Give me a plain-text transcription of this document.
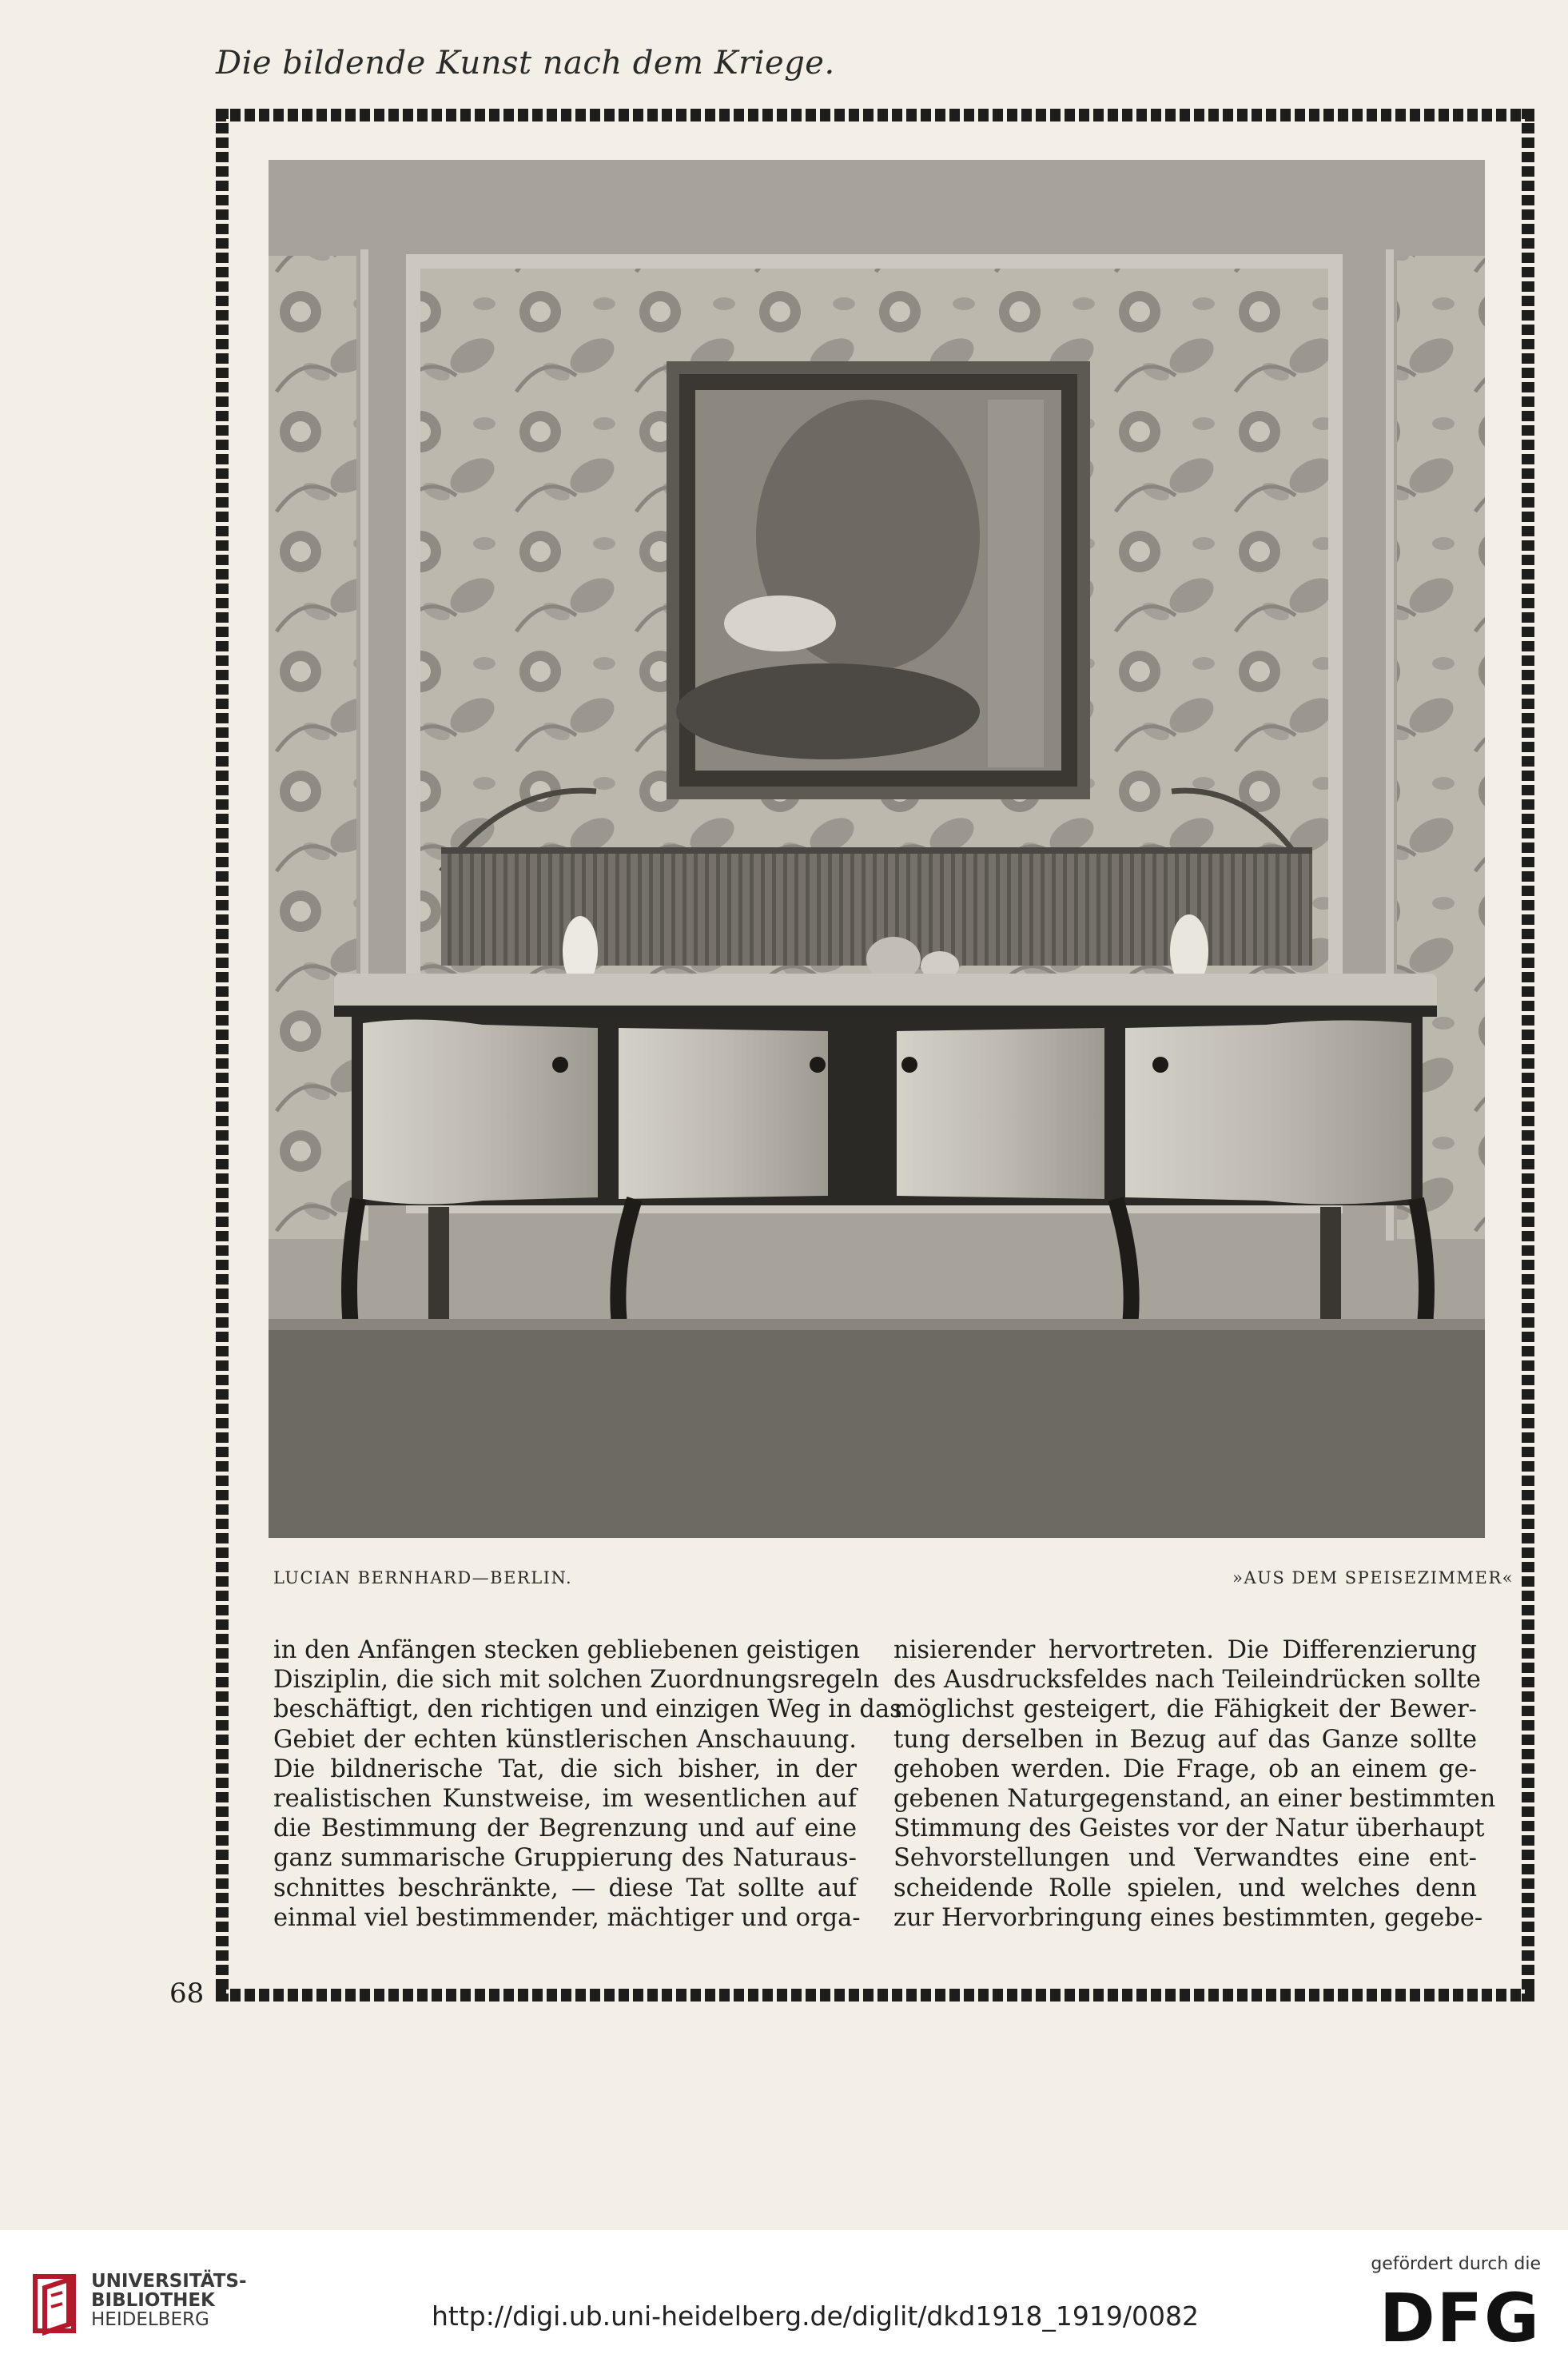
Die bildende Kunst nach dem Kriege.
LUCIAN BERNHARD—BERLIN.	»AUS DEM SPEISEZIMMER«
in den Anfängen stecken gebliebenen geistigen
Disziplin, die sich mit solchen Zuordnungsregeln
beschäftigt, den richtigen und einzigen Weg in das
Gebiet der echten künstlerischen Anschauung.
Die bildnerische Tat, die sich bisher, in der
realistischen Kunstweise, im wesentlichen auf
die Bestimmung der Begrenzung und auf eine
ganz summarische Gruppierung des Naturaus-
schnittes beschränkte, — diese Tat sollte auf
einmal viel bestimmender, mächtiger und orga-
nisierender hervortreten. Die Differenzierung
des Ausdrucksfeldes nach Teileindrücken sollte
möglichst gesteigert, die Fähigkeit der Bewer-
tung derselben in Bezug auf das Ganze sollte
gehoben werden. Die Frage, ob an einem ge-
gebenen Naturgegenstand, an einer bestimmten
Stimmung des Geistes vor der Natur überhaupt
Sehvorstellungen und Verwandtes eine ent-
scheidende Rolle spielen, und welches denn
zur Hervorbringung eines bestimmten, gegebe-
68
UNIVERSITÄTS-
BIBLIOTHEK
HEIDELBERG	http://digi.ub.uni-heidelberg.de/diglit/dkd1918_1919/0082
gefördert durch die
DFG
